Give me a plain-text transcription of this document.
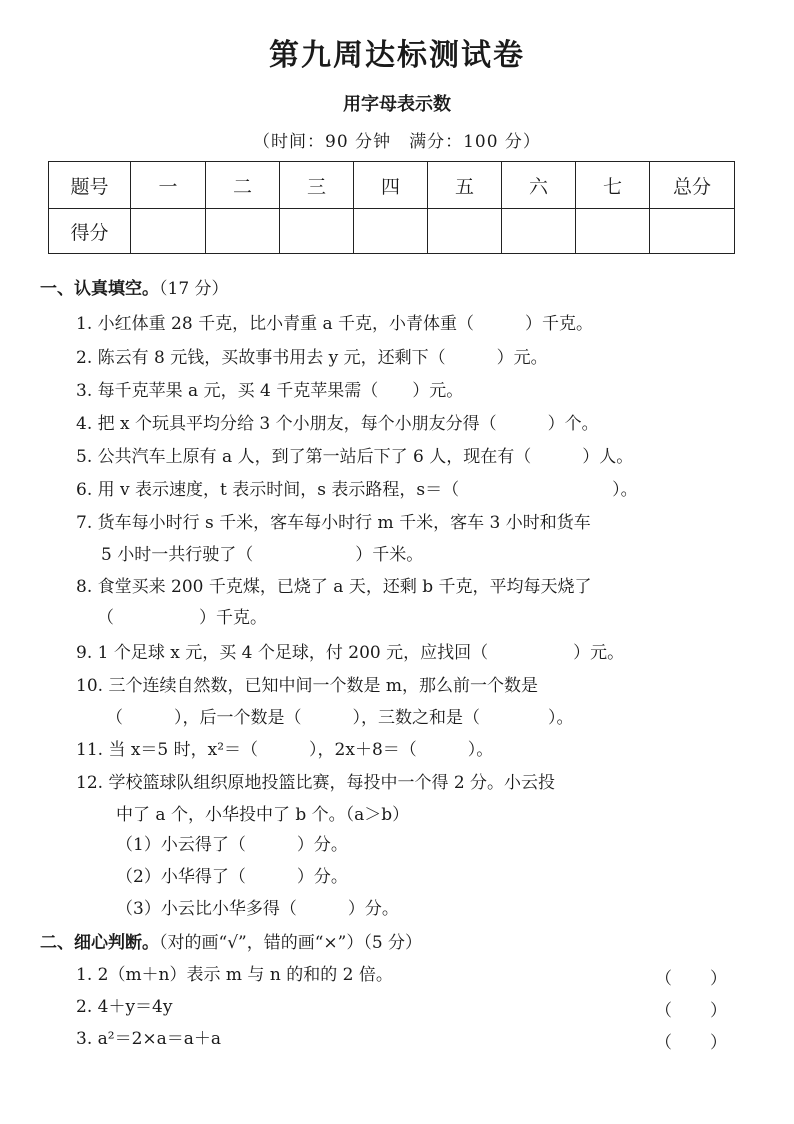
第九周达标测试卷
用字母表示数
（时间：90 分钟　满分：100 分）
题号	一	二	三	四	五	六	七	总分
得分								
一、认真填空。（17 分）
1. 小红体重 28 千克，比小青重 a 千克，小青体重（　　　）千克。
2. 陈云有 8 元钱，买故事书用去 y 元，还剩下（　　　）元。
3. 每千克苹果 a 元，买 4 千克苹果需（　　）元。
4. 把 x 个玩具平均分给 3 个小朋友，每个小朋友分得（　　　）个。
5. 公共汽车上原有 a 人，到了第一站后下了 6 人，现在有（　　　）人。
6. 用 v 表示速度，t 表示时间，s 表示路程，s＝（　　　　　　　　　）。
7. 货车每小时行 s 千米，客车每小时行 m 千米，客车 3 小时和货车
5 小时一共行驶了（　　　　　　）千米。
8. 食堂买来 200 千克煤，已烧了 a 天，还剩 b 千克，平均每天烧了
（　　　　　）千克。
9. 1 个足球 x 元，买 4 个足球，付 200 元，应找回（　　　　　）元。
10. 三个连续自然数，已知中间一个数是 m，那么前一个数是
（　　　），后一个数是（　　　），三数之和是（　　　　）。
11. 当 x＝5 时，x²＝（　　　），2x＋8＝（　　　）。
12. 学校篮球队组织原地投篮比赛，每投中一个得 2 分。小云投
中了 a 个，小华投中了 b 个。（a＞b）
（1）小云得了（　　　）分。
（2）小华得了（　　　）分。
（3）小云比小华多得（　　　）分。
二、细心判断。（对的画“√”，错的画“×”）（5 分）
1. 2（m＋n）表示 m 与 n 的和的 2 倍。	（）
2. 4＋y＝4y	（）
3. a²＝2×a＝a＋a	（）
